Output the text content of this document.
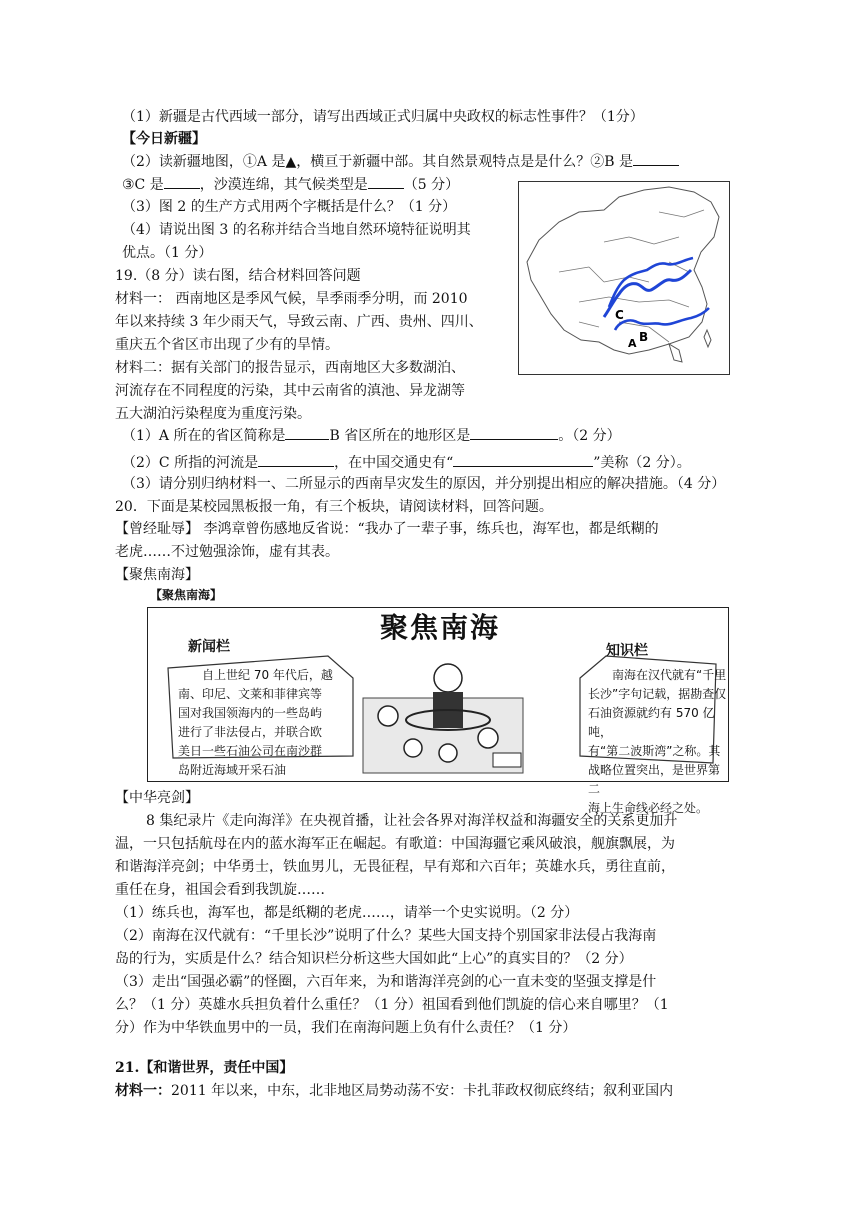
（1）新疆是古代西域一部分，请写出西域正式归属中央政权的标志性事件？（1分）
【今日新疆】
（2）读新疆地图，①A 是▲，横亘于新疆中部。其自然景观特点是是什么？②B 是
③C 是	，沙漠连绵，其气候类型是	（5 分）
（3）图 2 的生产方式用两个字概括是什么？（1 分）
（4）请说出图 3 的名称并结合当地自然环境特征说明其
优点。（1 分）
19.（8 分）读右图，结合材料回答问题
材料一： 西南地区是季风气候，旱季雨季分明，而 2010
年以来持续 3 年少雨天气，导致云南、广西、贵州、四川、
重庆五个省区市出现了少有的旱情。
材料二：据有关部门的报告显示，西南地区大多数湖泊、
河流存在不同程度的污染，其中云南省的滇池、异龙湖等
五大湖泊污染程度为重度污染。
（1）A 所在的省区简称是	B 省区所在的地形区是	。（2 分）
（2）C 所指的河流是	，在中国交通史有“	”美称（2 分）。
（3）请分别归纳材料一、二所显示的西南旱灾发生的原因，并分别提出相应的解决措施。（4 分）
20．下面是某校园黑板报一角，有三个板块，请阅读材料，回答问题。
【曾经耻辱】 李鸿章曾伤感地反省说：“我办了一辈子事，练兵也，海军也，都是纸糊的
老虎……不过勉强涂饰，虚有其表。
【聚焦南海】
C
A B
【聚焦南海】
聚焦南海
新闻栏	知识栏
自上世纪 70 年代后，越
南、印尼、文莱和菲律宾等
国对我国领海内的一些岛屿
进行了非法侵占，并联合欧
美日一些石油公司在南沙群
岛附近海域开采石油
南海在汉代就有“千里
长沙”字句记载，据勘查仅
石油资源就约有 570 亿吨，
有“第二波斯湾”之称。其
战略位置突出，是世界第二
海上生命线必经之处。
【中华亮剑】
8 集纪录片《走向海洋》在央视首播，让社会各界对海洋权益和海疆安全的关系更加升
温，一只包括航母在内的蓝水海军正在崛起。有歌道：中国海疆它乘风破浪，舰旗飘展，为
和谐海洋亮剑；中华勇士，铁血男儿，无畏征程，早有郑和六百年；英雄水兵，勇往直前，
重任在身，祖国会看到我凯旋……
（1）练兵也，海军也，都是纸糊的老虎……，请举一个史实说明。（2 分）
（2）南海在汉代就有：“千里长沙”说明了什么？某些大国支持个别国家非法侵占我海南
岛的行为，实质是什么？结合知识栏分析这些大国如此“上心”的真实目的？（2 分）
（3）走出“国强必霸”的怪圈，六百年来，为和谐海洋亮剑的心一直未变的坚强支撑是什
么？（1 分）英雄水兵担负着什么重任？（1 分）祖国看到他们凯旋的信心来自哪里？（1
分）作为中华铁血男中的一员，我们在南海问题上负有什么责任？（1 分）
21.【和谐世界，责任中国】
材料一：2011 年以来，中东，北非地区局势动荡不安：卡扎菲政权彻底终结；叙利亚国内
